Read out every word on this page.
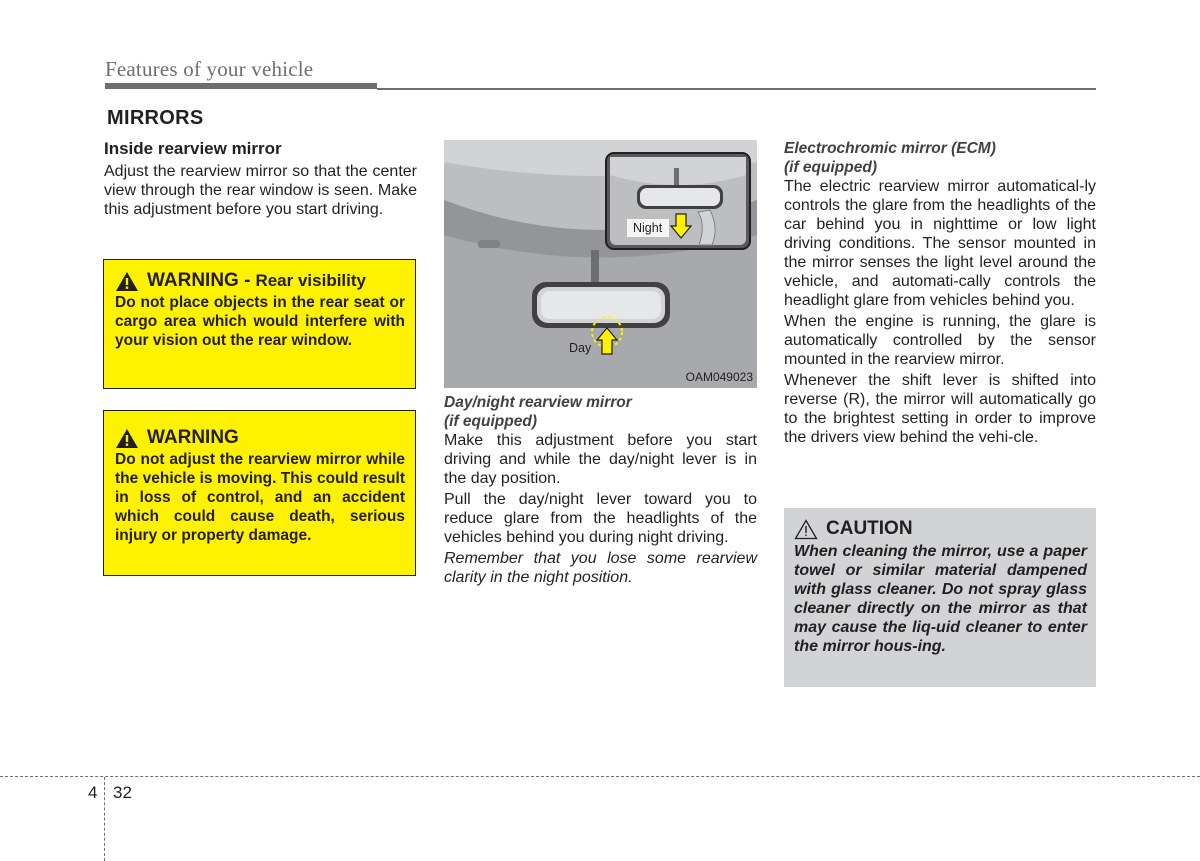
Features of your vehicle
MIRRORS
Inside rearview mirror

Adjust the rearview mirror so that the center view through the rear window is seen. Make this adjustment before you start driving.

WARNING - Rear visibility
Do not place objects in the rear seat or cargo area which would interfere with your vision out the rear window.
WARNING
Do not adjust the rearview mirror while the vehicle is moving. This could result in loss of control, and an accident which could cause death, serious injury or property damage.
Night
Day
OAM049023
Day/night rearview mirror
(if equipped)

Make this adjustment before you start driving and while the day/night lever is in the day position.

Pull the day/night lever toward you to reduce glare from the headlights of the vehicles behind you during night driving.

Remember that you lose some rearview clarity in the night position.

Electrochromic mirror (ECM)
(if equipped)

The electric rearview mirror automatical-ly controls the glare from the headlights of the car behind you in nighttime or low light driving conditions. The sensor mounted in the mirror senses the light level around the vehicle, and automati-cally controls the headlight glare from vehicles behind you.

When the engine is running, the glare is automatically controlled by the sensor mounted in the rearview mirror.

Whenever the shift lever is shifted into reverse (R), the mirror will automatically go to the brightest setting in order to improve the drivers view behind the vehi-cle.

CAUTION
When cleaning the mirror, use a paper towel or similar material dampened with glass cleaner. Do not spray glass cleaner directly on the mirror as that may cause the liq-uid cleaner to enter the mirror hous-ing.
4 32
